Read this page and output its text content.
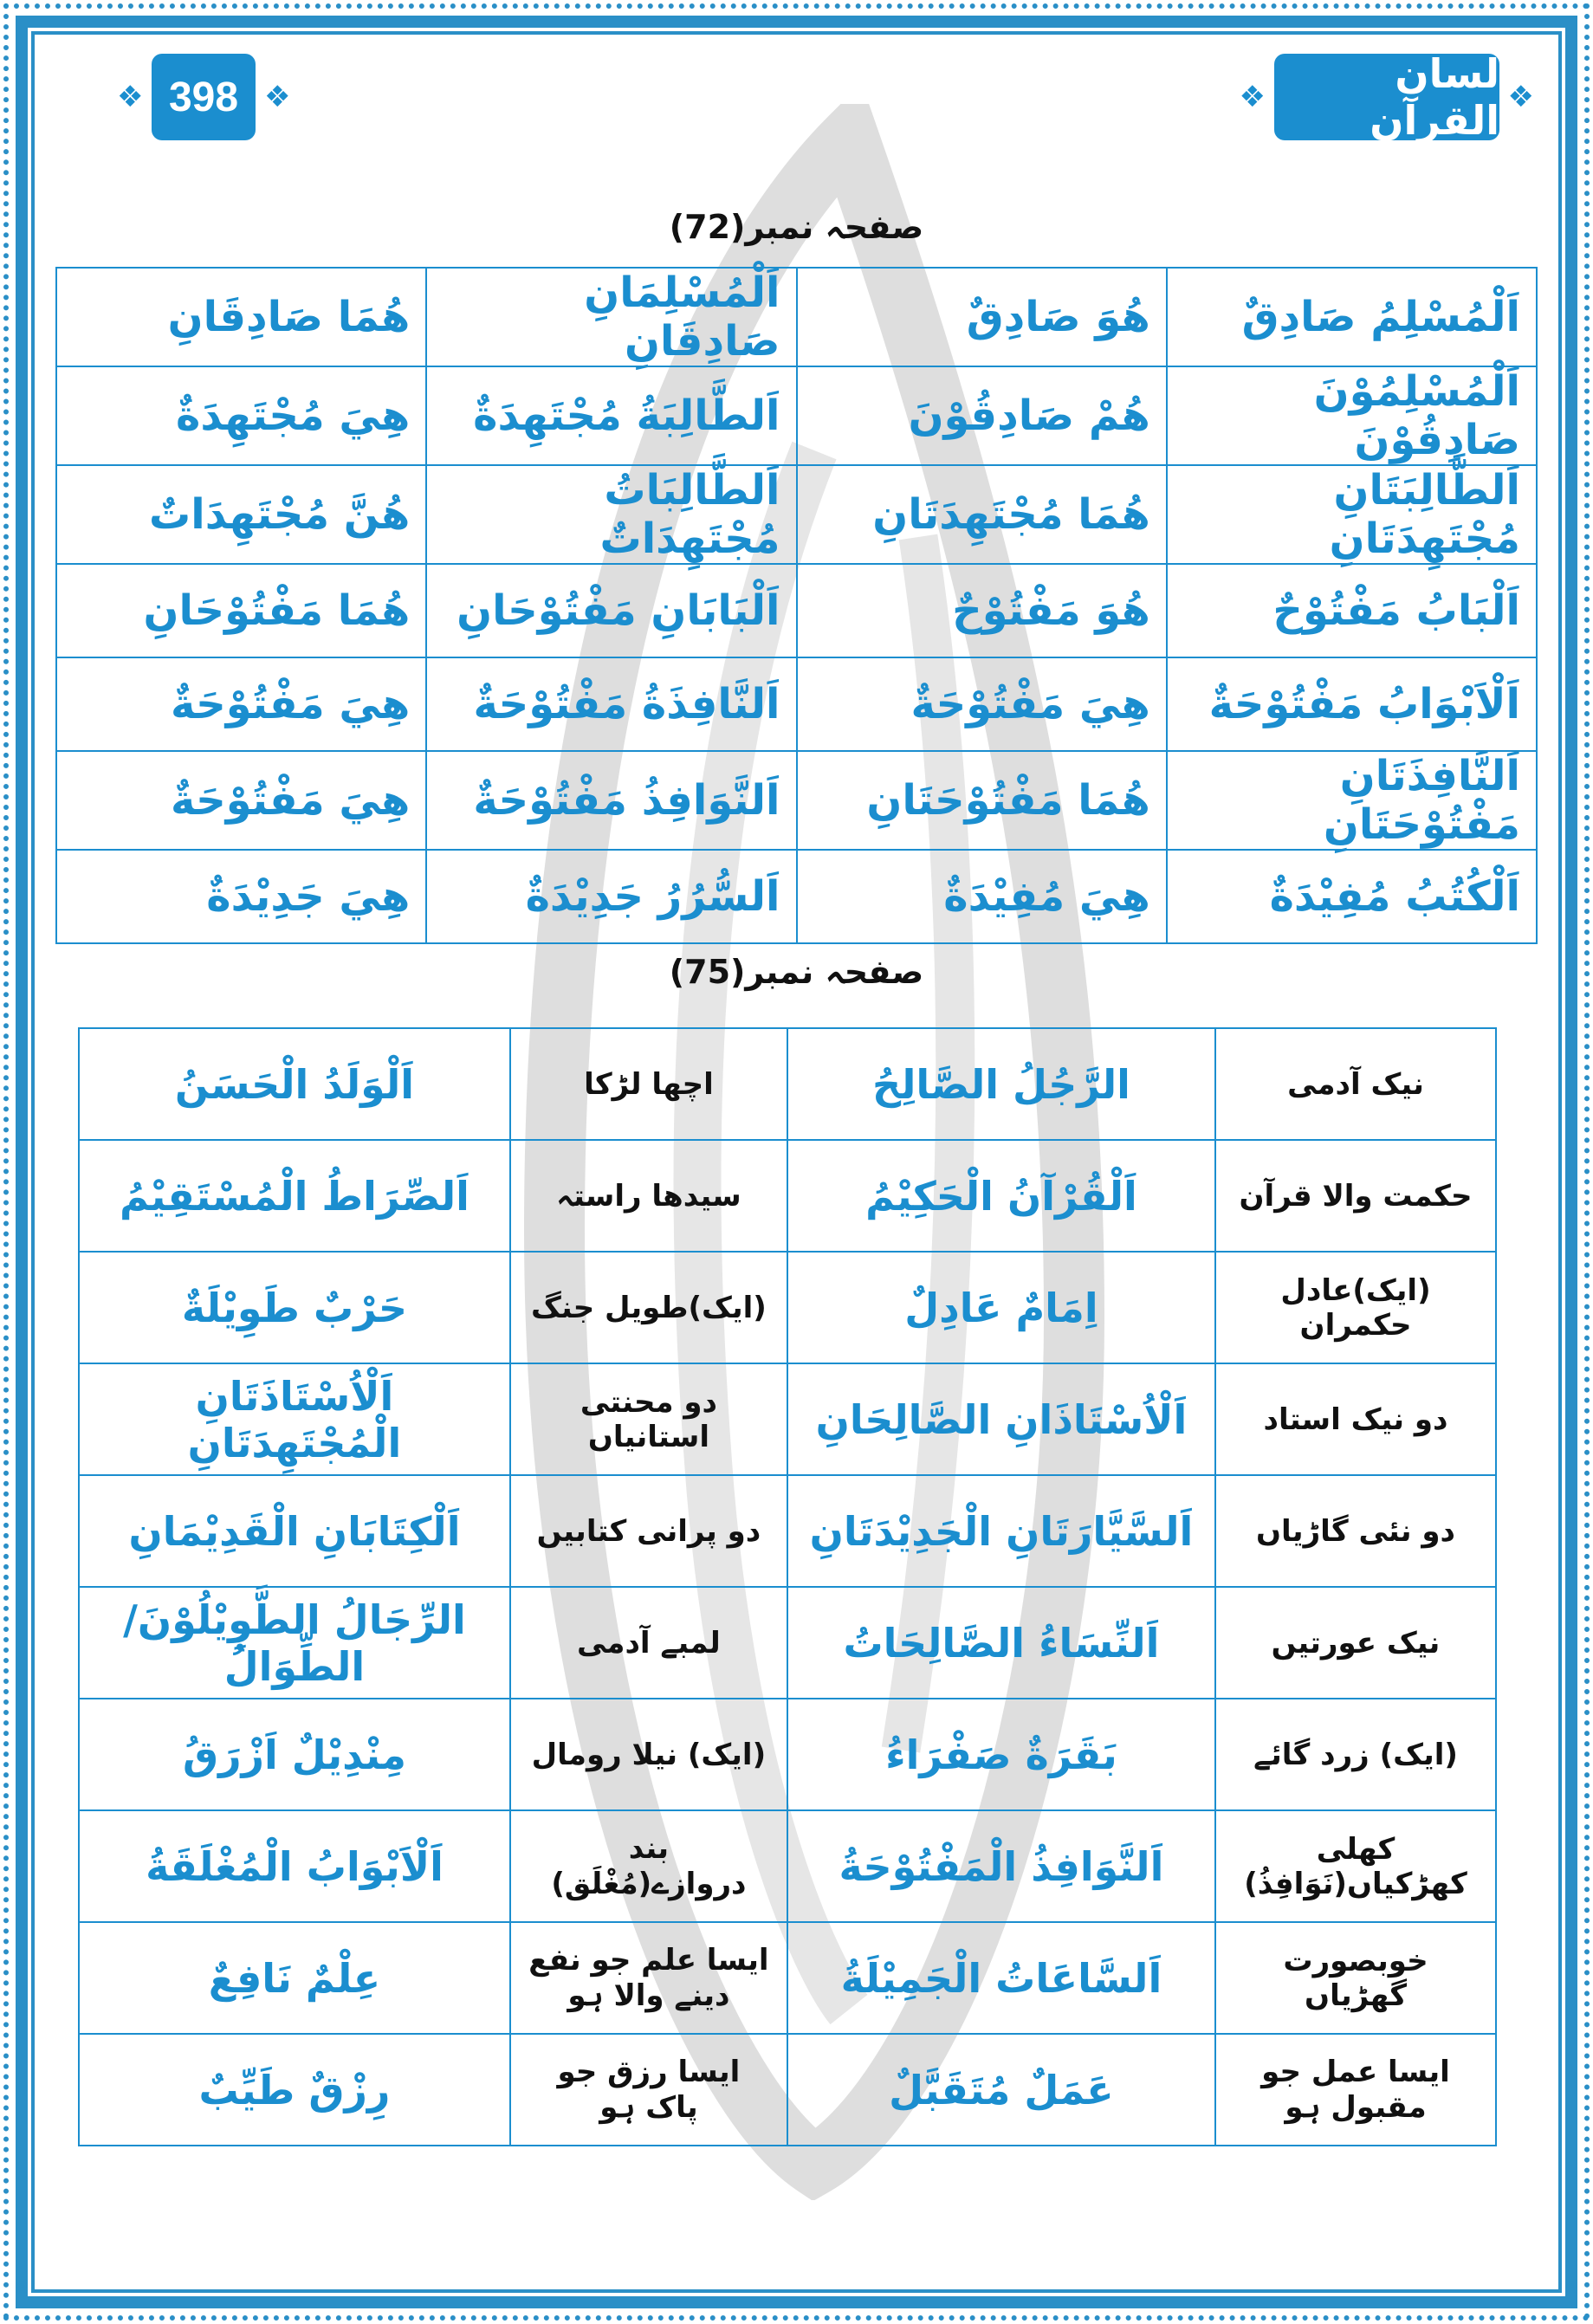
❖	❖
398	❖	❖
لسان القرآن
صفحہ نمبر(72)
اَلْمُسْلِمُ صَادِقٌ	هُوَ صَادِقٌ	اَلْمُسْلِمَانِ صَادِقَانِ	هُمَا صَادِقَانِ
اَلْمُسْلِمُوْنَ صَادِقُوْنَ	هُمْ صَادِقُوْنَ	اَلطَّالِبَةُ مُجْتَهِدَةٌ	هِيَ مُجْتَهِدَةٌ
اَلطَّالِبَتَانِ مُجْتَهِدَتَانِ	هُمَا مُجْتَهِدَتَانِ	اَلطَّالِبَاتُ مُجْتَهِدَاتٌ	هُنَّ مُجْتَهِدَاتٌ
اَلْبَابُ مَفْتُوْحٌ	هُوَ مَفْتُوْحٌ	اَلْبَابَانِ مَفْتُوْحَانِ	هُمَا مَفْتُوْحَانِ
اَلْاَبْوَابُ مَفْتُوْحَةٌ	هِيَ مَفْتُوْحَةٌ	اَلنَّافِذَةُ مَفْتُوْحَةٌ	هِيَ مَفْتُوْحَةٌ
اَلنَّافِذَتَانِ مَفْتُوْحَتَانِ	هُمَا مَفْتُوْحَتَانِ	اَلنَّوَافِذُ مَفْتُوْحَةٌ	هِيَ مَفْتُوْحَةٌ
اَلْكُتُبُ مُفِيْدَةٌ	هِيَ مُفِيْدَةٌ	اَلسُّرُرُ جَدِيْدَةٌ	هِيَ جَدِيْدَةٌ
صفحہ نمبر(75)
نیک آدمی	الرَّجُلُ الصَّالِحُ	اچھا لڑکا	اَلْوَلَدُ الْحَسَنُ
حکمت والا قرآن	اَلْقُرْآنُ الْحَكِيْمُ	سیدھا راستہ	اَلصِّرَاطُ الْمُسْتَقِيْمُ
(ایک)عادل حکمران	اِمَامٌ عَادِلٌ	(ایک)طویل جنگ	حَرْبٌ طَوِيْلَةٌ
دو نیک استاد	اَلْاُسْتَاذَانِ الصَّالِحَانِ	دو محنتی استانیاں	اَلْاُسْتَاذَتَانِ الْمُجْتَهِدَتَانِ
دو نئی گاڑیاں	اَلسَّيَّارَتَانِ الْجَدِيْدَتَانِ	دو پرانی کتابیں	اَلْكِتَابَانِ الْقَدِيْمَانِ
نیک عورتیں	اَلنِّسَاءُ الصَّالِحَاتُ	لمبے آدمی	الرِّجَالُ الطَّوِيْلُوْنَ/الطِّوَالُ
(ایک) زرد گائے	بَقَرَةٌ صَفْرَاءُ	(ایک) نیلا رومال	مِنْدِيْلٌ اَزْرَقُ
کھلی کھڑکیاں(نَوَافِذُ)	اَلنَّوَافِذُ الْمَفْتُوْحَةُ	بند دروازے(مُغْلَق)	اَلْاَبْوَابُ الْمُغْلَقَةُ
خوبصورت گھڑیاں	اَلسَّاعَاتُ الْجَمِيْلَةُ	ایسا علم جو نفع دینے والا ہو	عِلْمٌ نَافِعٌ
ایسا عمل جو مقبول ہو	عَمَلٌ مُتَقَبَّلٌ	ایسا رزق جو پاک ہو	رِزْقٌ طَيِّبٌ
